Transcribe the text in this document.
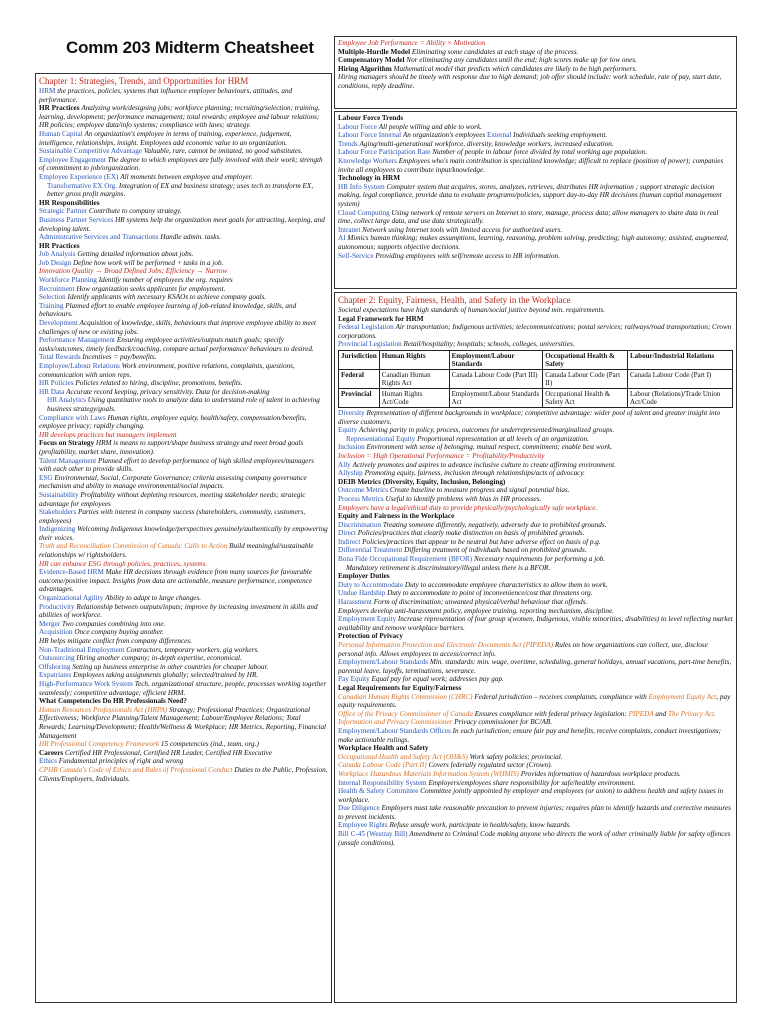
Comm 203 Midterm Cheatsheet

Chapter 1: Strategies, Trends, and Opportunities for HRM

HRM the practices, policies, systems that influence employee behaviours, attitudes, and performance.

HR Practices Analyzing work/designing jobs; workforce planning; recruiting/selection; training, learning, development; performance management; total rewards; employee and labour relations; HR policies; employee data/info systems; compliance with laws; strategy.

Human Capital An organization's employee in terms of training, experience, judgement, intelligence, relationships, insight. Employees add economic value to an organization.

Sustainable Competitive Advantage Valuable, rare, cannot be imitated, no good substitutes.

Employee Engagement The degree to which employees are fully involved with their work; strength of commitment to job/organization.

Employee Experience (EX) All moments between employee and employer.

Transformative EX Org. Integration of EX and business strategy; uses tech to transform EX, better gross profit margins.

HR Responsibilities

Strategic Partner Contribute to company strategy.

Business Partner Services HR systems help the organization meet goals for attracting, keeping, and developing talent.

Administrative Services and Transactions Handle admin. tasks.

HR Practices

Job Analysis Getting detailed information about jobs.

Job Design Define how work will be performed + tasks in a job.

Innovation Quality → Broad Defined Jobs; Efficiency → Narrow

Workforce Planning Identify number of employees the org. requires

Recruitment How organization seeks applicants for employment.

Selection Identify applicants with necessary KSAOs to achieve company goals.

Training Planned effort to enable employee learning of job-related knowledge, skills, and behaviours.

Development Acquisition of knowledge, skills, behaviours that improve employee ability to meet challenges of new or existing jobs.

Performance Management Ensuring employee activities/outputs match goals; specify tasks/outcomes, timely feedback/coaching, compare actual performance/ behaviours to desired.

Total Rewards Incentives = pay/benefits.

Employee/Labour Relations Work environment, positive relations, complaints, questions, communication with union reps.

HR Policies Policies related to hiring, discipline, promotions, benefits.

HR Data Accurate record keeping, privacy sensitivity. Data for decision-making

HR Analytics Using quantitative tools to analyze data to understand role of talent in achieving business strategy/goals.

Compliance with Laws Human rights, employee equity, health/safety, compensation/benefits, employee privacy; rapidly changing.

HR develops practices but managers implement

Focus on Strategy HRM is means to support/shape business strategy and meet broad goals (profitability, market share, innovation).

Talent Management Planned effort to develop performance of high skilled employees/managers with each other to provide skills.

ESG Environmental, Social, Corporate Governance; criteria assessing company governance mechanism and ability to manage environmental/social impacts.

Sustainability Profitability without depleting resources, meeting stakeholder needs; strategic advantage for employees

Stakeholders Parties with interest in company success (shareholders, community, customers, employees)

Indigenizing Welcoming Indigenous knowledge/perspectives genuinely/authentically by empowering their voices.

Truth and Reconciliation Commission of Canada: Calls to Action Build meaningful/sustainable relationships w/ rightsholders.

HR can enhance ESG through policies, practices, systems.

Evidence-Based HRM Make HR decisions through evidence from many sources for favourable outcome/positive impact. Insights from data are actionable, measure performance, competence advantages.

Organizational Agility Ability to adapt to large changes.

Productivity Relationship between outputs/inputs; improve by increasing investment in skills and abilities of workforce.

Merger Two companies combining into one.

Acquisition Once company buying another.

HR helps mitigate conflict from company differences.

Non-Traditional Employment Contractors, temporary workers, gig workers.

Outsourcing Hiring another company; in-depth expertise, economical.

Offshoring Setting up business enterprise in other countries for cheaper labour.

Expatriates Employees taking assignments globally; selected/trained by HR.

High-Performance Work System Tech, organizational structure, people, processes working together seamlessly; competitive advantage; efficient HRM.

What Competencies Do HR Professionals Need?

Human Resources Professionals Act (HRPA) Strategy; Professional Practices; Organizational Effectiveness; Workforce Planning/Talent Management; Labour/Employee Relations; Total Rewards; Learning/Development; Health/Wellness & Workplace; HR Metrics, Reporting, Financial Management

HR Professional Competency Framework 15 competencies (ind., team, org.)

Careers Certified HR Professional, Certified HR Leader, Certified HR Executive

Ethics Fundamental principles of right and wrong

CPHR Canada's Code of Ethics and Rules of Professional Conduct Duties to the Public, Profession, Clients/Employers, Individuals.

Employee Job Performance = Ability × Motivation

Multiple-Hurdle Model Eliminating some candidates at each stage of the process.

Compensatory Model Nor eliminating any candidates until the end; high scores make up for low ones.

Hiring Algorithm Mathematical model that predicts which candidates are likely to be high performers.

Hiring managers should be timely with response due to high demand; job offer should include: work schedule, rate of pay, start date, conditions, reply deadline.

Labour Force Trends

Labour Force All people willing and able to work.

Labour Force Internal An organization's employees External Individuals seeking employment.

Trends Aging/multi-generational workforce, diversity, knowledge workers, increased education.

Labour Force Participation Rate Number of people in labour force divided by total working age population.

Knowledge Workers Employees who's main contribution is specialized knowledge; difficult to replace (position of power); companies invite all employees to contribute input/knowledge.

Technology in HRM

HR Info System Computer system that acquires, stores, analyzes, retrieves, distributes HR information ; support strategic decision making, legal compliance, provide data to evaluate programs/policies, support day-to-day HR decisions (human capital management system)

Cloud Computing Using network of remote servers on Internet to store, manage, process data; allow managers to share data in real time, collect large data, and use data strategically.

Intranet Network using Internet tools with limited access for authorized users.

AI Mimics human thinking; makes assumptions, learning, reasoning, problem solving, predicting; high autonomy; assisted, augmented, autonomous; supports objective decisions.

Self-Service Providing employees with self/remote access to HR information.

Chapter 2: Equity, Fairness, Health, and Safety in the Workplace

Societal expectations have high standards of human/social justice beyond min. requirements.

Legal Framework for HRM

Federal Legislation Air transportation; Indigenous activities; telecommunications; postal services; railways/road transportation; Crown corporations.

Provincial Legislation Retail/hospitality; hospitals; schools, colleges, universities.

Jurisdiction	Human Rights	Employment/Labour Standards	Occupational Health & Safety	Labour/Industrial Relations
Federal	Canadian Human Rights Act	Canada Labour Code (Part III)	Canada Labour Code (Part II)	Canada Labour Code (Part I)
Provincial	Human Rights Act/Code	Employment/Labour Standards Act	Occupational Health & Safety Act	Labour (Relations)/Trade Union Act/Code

Diversity Representation of different backgrounds in workplace; competitive advantage: wider pool of talent and greater insight into diverse customers.

Equity Achieving parity in policy, process, outcomes for underrepresented/marginalized groups.

Representational Equity Proportional representation at all levels of an organization.

Inclusion Environment with sense of belonging, mutual respect, commitment; enable best work.

Inclusion = High Operational Performance = Profitability/Productivity

Ally Actively promotes and aspires to advance inclusive culture to create affirming environment.

Allyship Promoting equity, fairness, inclusion through relationships/acts of advocacy.

DEIB Metrics (Diversity, Equity, Inclusion, Belonging)

Outcome Metrics Create baseline to measure progress and signal potential bias.

Process Metrics Useful to identify problems with bias in HR processes.

Employers have a legal/ethical duty to provide physically/psychologically safe workplace.

Equity and Fairness in the Workplace

Discrimination Treating someone differently, negatively, adversely due to prohibited grounds.

Direct Policies/practices that clearly make distinction on basis of prohibited grounds.

Indirect Policies/practices that appear to be neutral but have adverse effect on basis of p.g.

Differential Treatment Differing treatment of individuals based on prohibited grounds.

Bona Fide Occupational Requirement (BFOR) Necessary requirements for performing a job.

Mandatory retirement is discriminatory/illegal unless there is a BFOR.

Employer Duties

Duty to Accommodate Duty to accommodate employee characteristics to allow them to work.

Undue Hardship Duty to accommodate to point of inconvenience/cost that threatens org.

Harassment Form of discrimination; unwanted physical/verbal behaviour that offends.

Employers develop anti-harassment policy, employee training, reporting mechanism, discipline.

Employment Equity Increase representation of four group s(women, Indigenous, visible minorities, disabilities) to level reflecting market availability and remove workplace barriers.

Protection of Privacy

Personal Information Protection and Electronic Documents Act (PIPEDA) Rules on how organizations can collect, use, disclose personal info. Allows employees to access/correct info.

Employment/Labour Standards Min. standards: min. wage, overtime, scheduling, general holidays, annual vacations, part-time benefits, parental leave, layoffs, terminations, severance.

Pay Equity Equal pay for equal work; addresses pay gap.

Legal Requirements for Equity/Fairness

Canadian Human Rights Commission (CHRC) Federal jurisdiction – receives complaints, compliance with Employment Equity Act, pay equity requirements.

Office of the Privacy Commissioner of Canada Ensures compliance with federal privacy legislation: PIPEDA and The Privacy Act.

Information and Privacy Commissioner Privacy commissioner for BC/AB.

Employment/Labour Standards Offices In each jurisdiction; ensure fair pay and benefits, receive complaints, conduct investigations; make actionable rulings.

Workplace Health and Safety

Occupational Health and Safety Act (OH&S) Work safety policies; provincial.

Canada Labour Code (Part II) Covers federally regulated sector (Crown).

Workplace Hazardous Materials Information System (WHMIS) Provides information of hazardous workplace products.

Internal Responsibility System Employers/employees share responsibility for safe/healthy environment.

Health & Safety Committee Committee jointly appointed by employer and employees (or union) to address health and safety issues in workplace.

Due Diligence Employers must take reasonable precaution to prevent injuries; requires plan to identify hazards and corrective measures to prevent incidents.

Employee Rights Refuse unsafe work, participate in health/safety, know hazards.

Bill C-45 (Westray Bill) Amendment to Criminal Code making anyone who directs the work of other criminally liable for safety offences (unsafe conditions).
